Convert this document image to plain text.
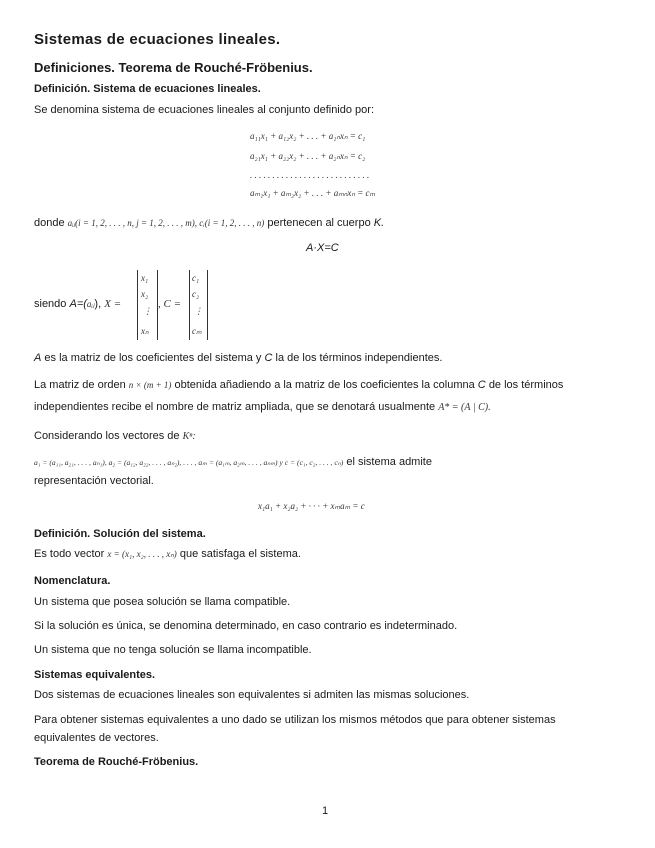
Sistemas de ecuaciones lineales.
Definiciones. Teorema de Rouché-Fröbenius.
Definición. Sistema de ecuaciones lineales.
Se denomina sistema de ecuaciones lineales al conjunto definido por:
a₁₁x₁ + a₁₂x₂ + . . . + a₁ₙxₙ = c₁
a₂₁x₁ + a₂₂x₂ + . . . + a₂ₙxₙ = c₂
. . . . . . . . . . . . . . . . . . . . . . . . . . .
aₘ₁x₁ + aₘ₂x₂ + . . . + aₘₙxₙ = cₘ
donde aᵢⱼ(i = 1, 2, . . . , n, j = 1, 2, . . . , m), cᵢ(i = 1, 2, . . . , n) pertenecen al cuerpo K.
A·X=C
siendo A=(aᵢⱼ), X =
x₁
x₂
⋮
xₙ
, C =
c₁
c₂
⋮
cₘ
A es la matriz de los coeficientes del sistema y C la de los términos independientes.
La matriz de orden n × (m + 1) obtenida añadiendo a la matriz de los coeficientes la columna C de los términos
independientes recibe el nombre de matriz ampliada, que se denotará usualmente A* = (A | C).
Considerando los vectores de Kⁿ:
a₁ = (a₁₁, a₂₁, . . . , aₙ₁), a₂ = (a₁₂, a₂₂, . . . , aₙ₂), . . . , aₘ = (a₁ₘ, a₂ₘ, . . . , aₙₘ) y c = (c₁, c₂, . . . , cₙ) el sistema admite
representación vectorial.
x₁a₁ + x₂a₂ + · · · + xₘaₘ = c
Definición. Solución del sistema.
Es todo vector x = (x₁, x₂, . . . , xₙ) que satisfaga el sistema.
Nomenclatura.
Un sistema que posea solución se llama compatible.
Si la solución es única, se denomina determinado, en caso contrario es indeterminado.
Un sistema que no tenga solución se llama incompatible.
Sistemas equivalentes.
Dos sistemas de ecuaciones lineales son equivalentes si admiten las mismas soluciones.
Para obtener sistemas equivalentes a uno dado se utilizan los mismos métodos que para obtener sistemas
equivalentes de vectores.
Teorema de Rouché-Fröbenius.
1
